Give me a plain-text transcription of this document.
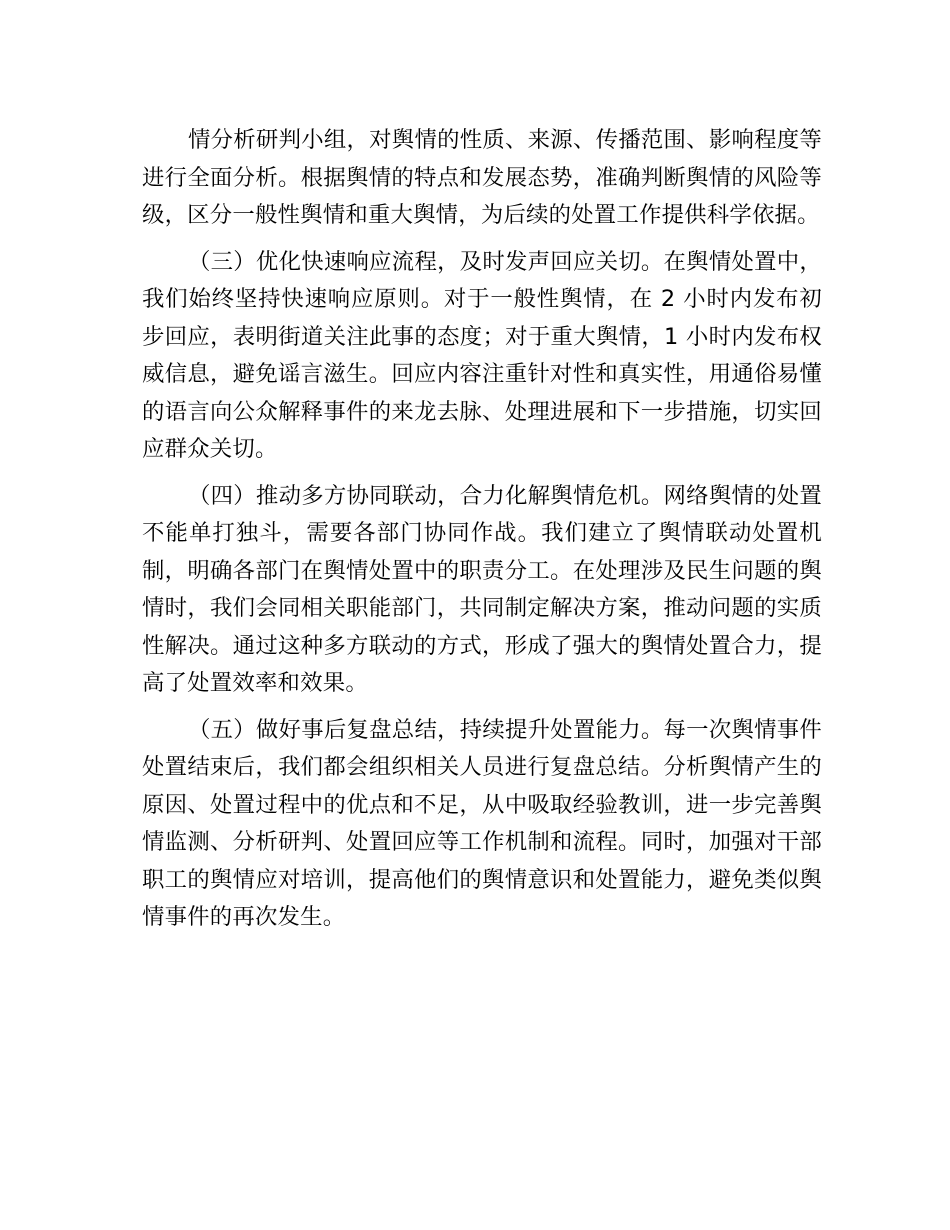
情分析研判小组，对舆情的性质、来源、传播范围、影响程度等进行全面分析。根据舆情的特点和发展态势，准确判断舆情的风险等级，区分一般性舆情和重大舆情，为后续的处置工作提供科学依据。

（三）优化快速响应流程，及时发声回应关切。在舆情处置中，我们始终坚持快速响应原则。对于一般性舆情，在 2 小时内发布初步回应，表明街道关注此事的态度；对于重大舆情，1 小时内发布权威信息，避免谣言滋生。回应内容注重针对性和真实性，用通俗易懂的语言向公众解释事件的来龙去脉、处理进展和下一步措施，切实回应群众关切。

（四）推动多方协同联动，合力化解舆情危机。网络舆情的处置不能单打独斗，需要各部门协同作战。我们建立了舆情联动处置机制，明确各部门在舆情处置中的职责分工。在处理涉及民生问题的舆情时，我们会同相关职能部门，共同制定解决方案，推动问题的实质性解决。通过这种多方联动的方式，形成了强大的舆情处置合力，提高了处置效率和效果。

（五）做好事后复盘总结，持续提升处置能力。每一次舆情事件处置结束后，我们都会组织相关人员进行复盘总结。分析舆情产生的原因、处置过程中的优点和不足，从中吸取经验教训，进一步完善舆情监测、分析研判、处置回应等工作机制和流程。同时，加强对干部职工的舆情应对培训，提高他们的舆情意识和处置能力，避免类似舆情事件的再次发生。
